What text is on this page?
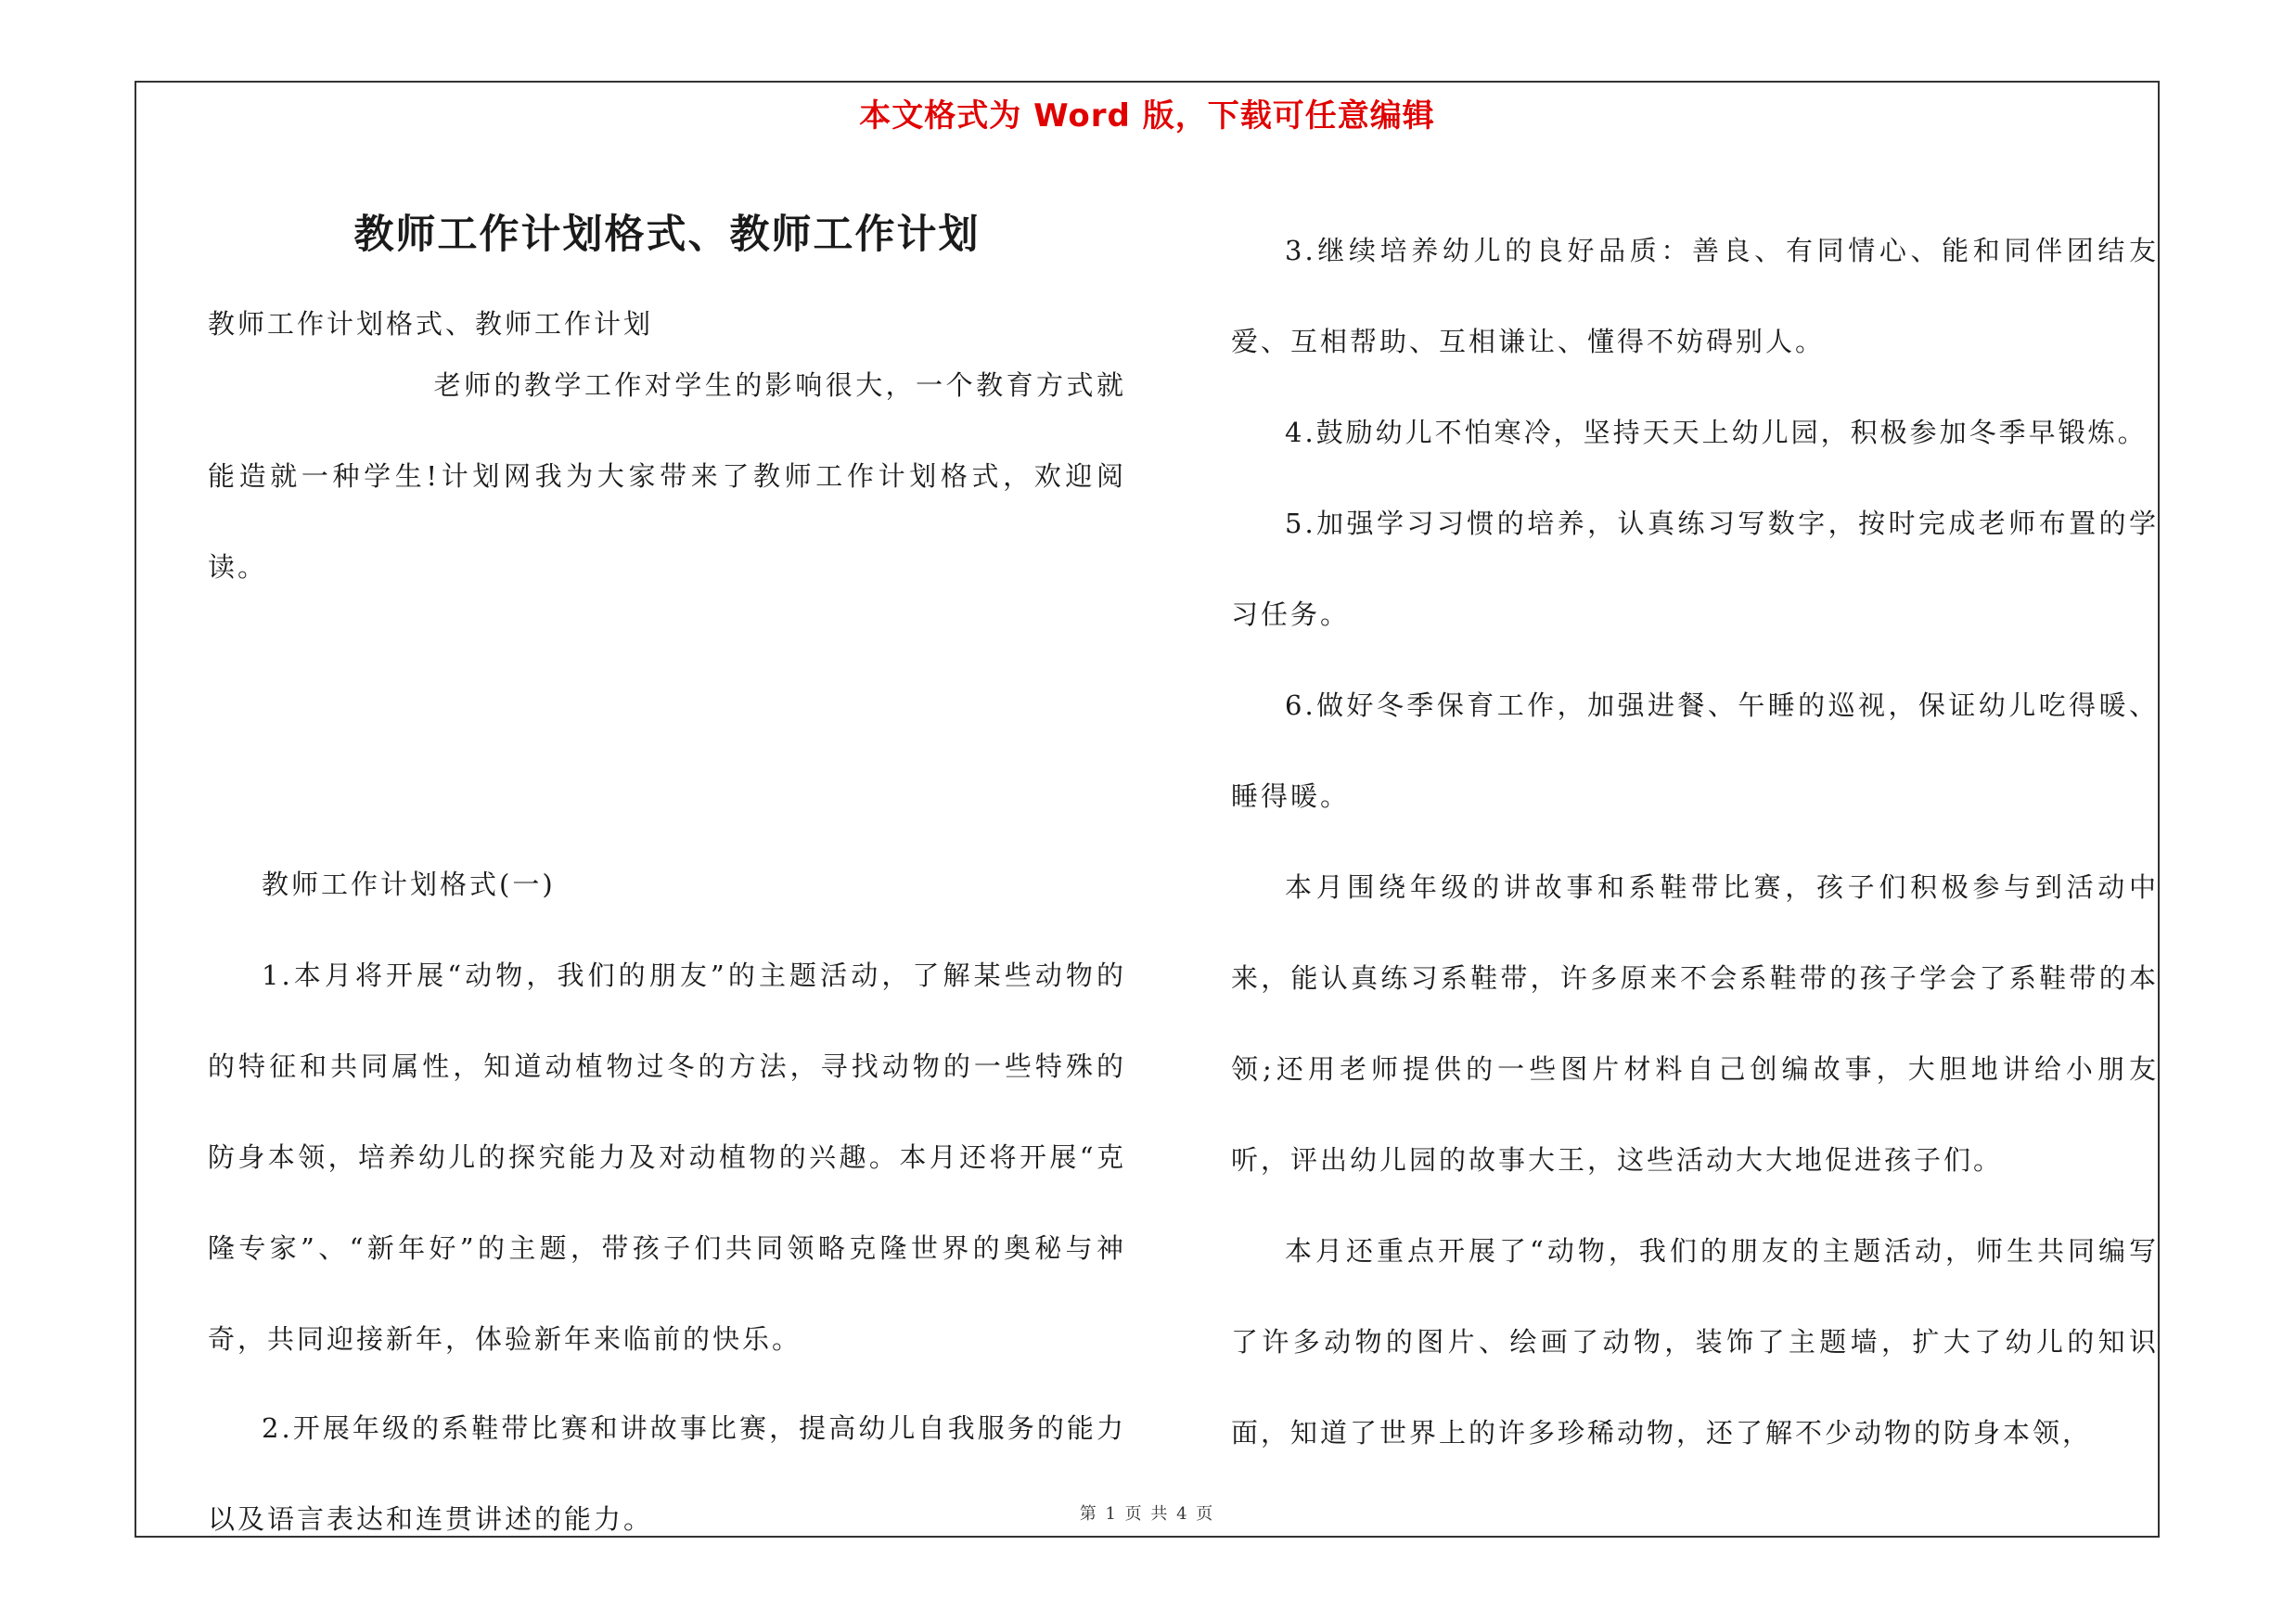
本文格式为 Word 版，下载可任意编辑
教师工作计划格式、教师工作计划

教师工作计划格式、教师工作计划

老师的教学工作对学生的影响很大，一个教育方式就能造就一种学生!计划网我为大家带来了教师工作计划格式，欢迎阅读。

教师工作计划格式(一)

1.本月将开展“动物，我们的朋友”的主题活动，了解某些动物的的特征和共同属性，知道动植物过冬的方法，寻找动物的一些特殊的防身本领，培养幼儿的探究能力及对动植物的兴趣。本月还将开展“克隆专家”、“新年好”的主题，带孩子们共同领略克隆世界的奥秘与神奇，共同迎接新年，体验新年来临前的快乐。

2.开展年级的系鞋带比赛和讲故事比赛，提高幼儿自我服务的能力以及语言表达和连贯讲述的能力。

3.继续培养幼儿的良好品质：善良、有同情心、能和同伴团结友爱、互相帮助、互相谦让、懂得不妨碍别人。

4.鼓励幼儿不怕寒冷，坚持天天上幼儿园，积极参加冬季早锻炼。

5.加强学习习惯的培养，认真练习写数字，按时完成老师布置的学习任务。

6.做好冬季保育工作，加强进餐、午睡的巡视，保证幼儿吃得暖、睡得暖。

本月围绕年级的讲故事和系鞋带比赛，孩子们积极参与到活动中来，能认真练习系鞋带，许多原来不会系鞋带的孩子学会了系鞋带的本领;还用老师提供的一些图片材料自己创编故事，大胆地讲给小朋友听，评出幼儿园的故事大王，这些活动大大地促进孩子们。

本月还重点开展了“动物，我们的朋友的主题活动，师生共同编写了许多动物的图片、绘画了动物，装饰了主题墙，扩大了幼儿的知识面，知道了世界上的许多珍稀动物，还了解不少动物的防身本领，

第 1 页 共 4 页
